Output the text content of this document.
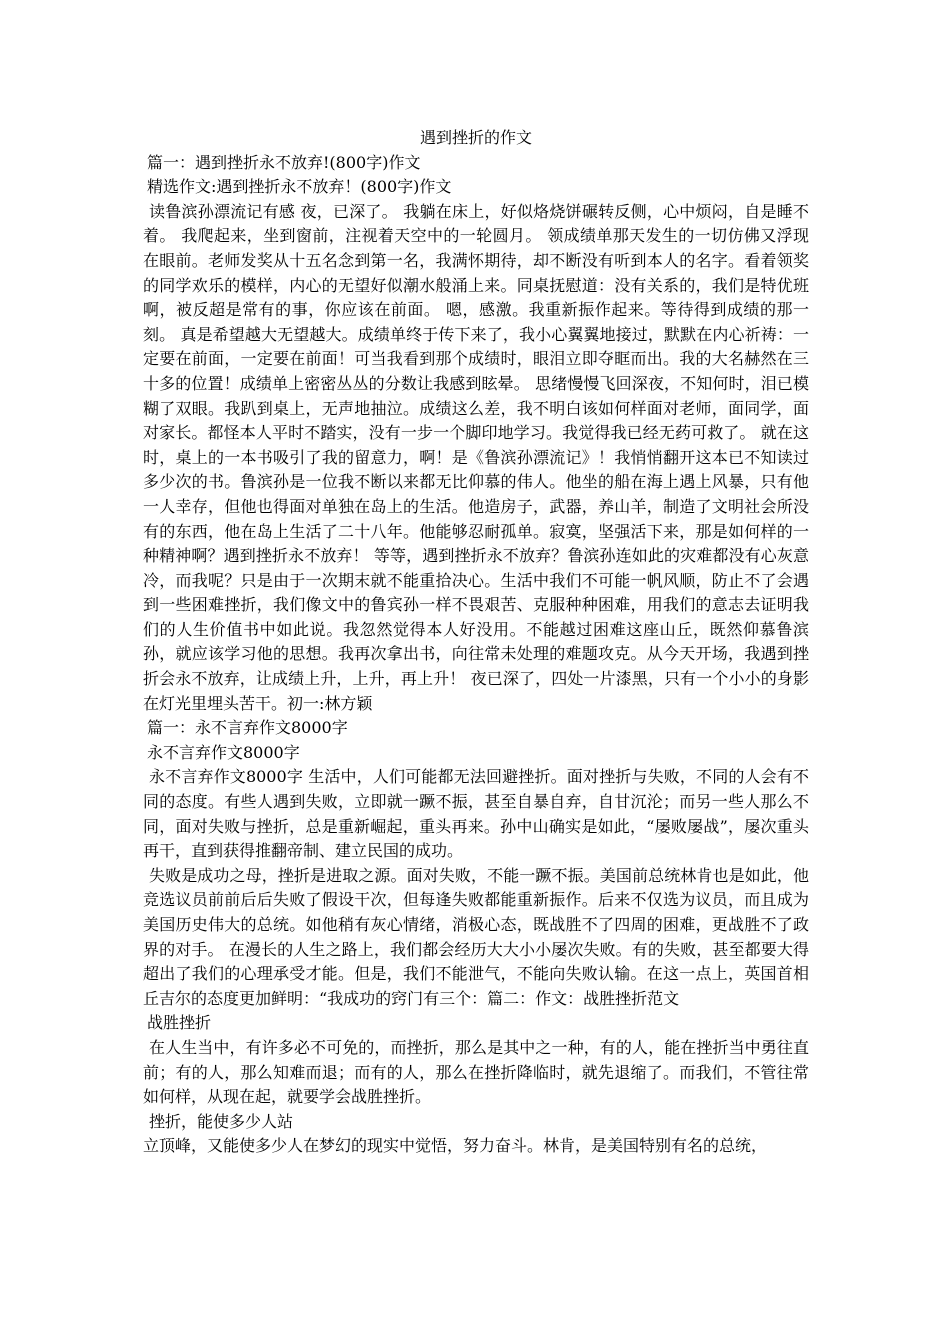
遇到挫折的作文

篇一：遇到挫折永不放弃!(800字)作文

精选作文:遇到挫折永不放弃！(800字)作文

读鲁滨孙漂流记有感 夜，已深了。 我躺在床上，好似烙烧饼碾转反侧，心中烦闷，自是睡不着。 我爬起来，坐到窗前，注视着天空中的一轮圆月。 领成绩单那天发生的一切仿佛又浮现在眼前。老师发奖从十五名念到第一名，我满怀期待，却不断没有听到本人的名字。看着领奖的同学欢乐的模样，内心的无望好似潮水般涌上来。同桌抚慰道：没有关系的，我们是特优班啊，被反超是常有的事，你应该在前面。 嗯，感激。我重新振作起来。等待得到成绩的那一刻。 真是希望越大无望越大。成绩单终于传下来了，我小心翼翼地接过，默默在内心祈祷：一定要在前面，一定要在前面！可当我看到那个成绩时，眼泪立即夺眶而出。我的大名赫然在三十多的位置！成绩单上密密丛丛的分数让我感到眩晕。 思绪慢慢飞回深夜，不知何时，泪已模糊了双眼。我趴到桌上，无声地抽泣。成绩这么差，我不明白该如何样面对老师，面同学，面对家长。都怪本人平时不踏实，没有一步一个脚印地学习。我觉得我已经无药可救了。 就在这时，桌上的一本书吸引了我的留意力，啊！是《鲁滨孙漂流记》！我悄悄翻开这本已不知读过多少次的书。鲁滨孙是一位我不断以来都无比仰慕的伟人。他坐的船在海上遇上风暴，只有他一人幸存，但他也得面对单独在岛上的生活。他造房子，武器，养山羊，制造了文明社会所没有的东西，他在岛上生活了二十八年。他能够忍耐孤单。寂寞，坚强活下来，那是如何样的一种精神啊？遇到挫折永不放弃！ 等等，遇到挫折永不放弃？鲁滨孙连如此的灾难都没有心灰意冷，而我呢？只是由于一次期末就不能重拾决心。生活中我们不可能一帆风顺，防止不了会遇到一些困难挫折，我们像文中的鲁宾孙一样不畏艰苦、克服种种困难，用我们的意志去证明我们的人生价值书中如此说。我忽然觉得本人好没用。不能越过困难这座山丘，既然仰慕鲁滨孙，就应该学习他的思想。我再次拿出书，向往常未处理的难题攻克。从今天开场，我遇到挫折会永不放弃，让成绩上升，上升，再上升！ 夜已深了，四处一片漆黑，只有一个小小的身影在灯光里埋头苦干。初一:林方颖

篇一：永不言弃作文8000字

永不言弃作文8000字

永不言弃作文8000字 生活中，人们可能都无法回避挫折。面对挫折与失败，不同的人会有不同的态度。有些人遇到失败，立即就一蹶不振，甚至自暴自弃，自甘沉沦；而另一些人那么不同，面对失败与挫折，总是重新崛起，重头再来。孙中山确实是如此，“屡败屡战”，屡次重头再干，直到获得推翻帝制、建立民国的成功。

失败是成功之母，挫折是进取之源。面对失败，不能一蹶不振。美国前总统林肯也是如此，他竞选议员前前后后失败了假设干次，但每逢失败都能重新振作。后来不仅选为议员，而且成为美国历史伟大的总统。如他稍有灰心情绪，消极心态，既战胜不了四周的困难，更战胜不了政界的对手。 在漫长的人生之路上，我们都会经历大大小小屡次失败。有的失败，甚至都要大得超出了我们的心理承受才能。但是，我们不能泄气，不能向失败认输。在这一点上，英国首相丘吉尔的态度更加鲜明：“我成功的窍门有三个：篇二：作文：战胜挫折范文

战胜挫折

在人生当中，有许多必不可免的，而挫折，那么是其中之一种，有的人，能在挫折当中勇往直前；有的人，那么知难而退；而有的人，那么在挫折降临时，就先退缩了。而我们，不管往常如何样，从现在起，就要学会战胜挫折。

挫折，能使多少人站

立顶峰，又能使多少人在梦幻的现实中觉悟，努力奋斗。林肯，是美国特别有名的总统，
